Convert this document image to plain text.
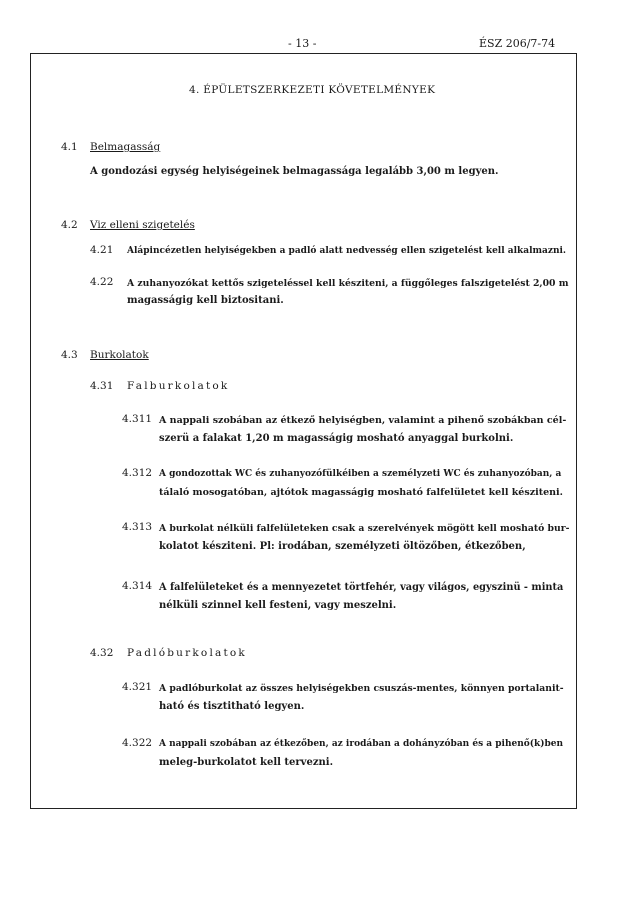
- 13 -	ÉSZ 206/7-74
4. ÉPÜLETSZERKEZETI KÖVETELMÉNYEK
4.1 Belmagasság
A gondozási egység helyiségeinek belmagassága legalább 3,00 m legyen.
4.2 Viz elleni szigetelés
4.21 Alápincézetlen helyiségekben a padló alatt nedvesség ellen szigetelést kell alkalmazni.
4.22 A zuhanyozókat kettős szigeteléssel kell késziteni, a függőleges falszigetelést 2,00 m
magasságig kell biztositani.
4.3 Burkolatok
4.31 Falburkolatok
4.311 A nappali szobában az étkező helyiségben, valamint a pihenő szobákban cél-
szerü a falakat 1,20 m magasságig mosható anyaggal burkolni.
4.312 A gondozottak WC és zuhanyozófülkéiben a személyzeti WC és zuhanyozóban, a
tálaló mosogatóban, ajtótok magasságig mosható falfelületet kell késziteni.
4.313 A burkolat nélküli falfelületeken csak a szerelvények mögött kell mosható bur-
kolatot késziteni. Pl: irodában, személyzeti öltözőben, étkezőben,
4.314 A falfelületeket és a mennyezetet törtfehér, vagy világos, egyszinü - minta
nélküli szinnel kell festeni, vagy meszelni.
4.32 Padlóburkolatok
4.321 A padlóburkolat az összes helyiségekben csuszás-mentes, könnyen portalanit-
ható és tisztitható legyen.
4.322 A nappali szobában az étkezőben, az irodában a dohányzóban és a pihenő(k)ben
meleg-burkolatot kell tervezni.
